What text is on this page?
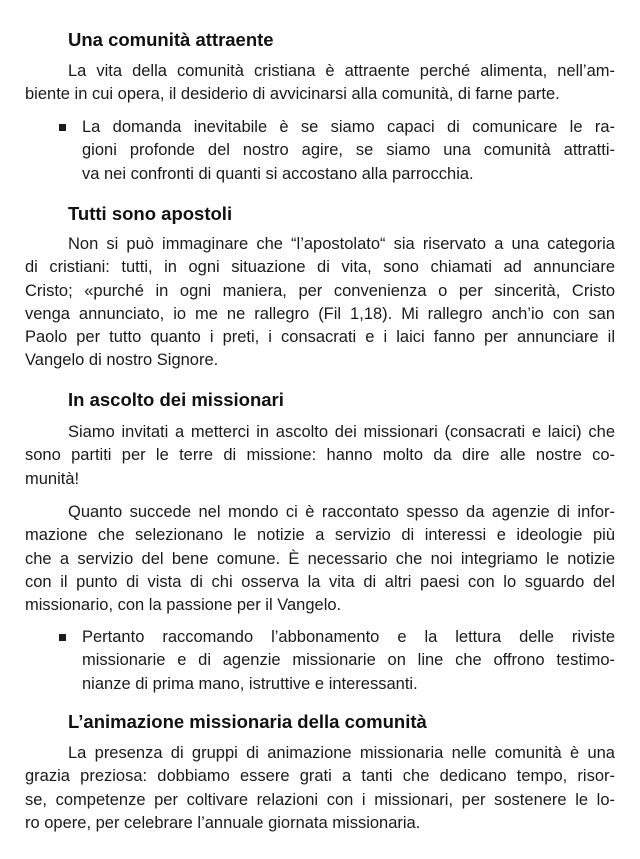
Una comunità attraente
La vita della comunità cristiana è attraente perché alimenta, nell’am-
biente in cui opera, il desiderio di avvicinarsi alla comunità, di farne parte.
La domanda inevitabile è se siamo capaci di comunicare le ra-
gioni profonde del nostro agire, se siamo una comunità attratti-
va nei confronti di quanti si accostano alla parrocchia.
Tutti sono apostoli
Non si può immaginare che “l’apostolato“ sia riservato a una categoria
di cristiani: tutti, in ogni situazione di vita, sono chiamati ad annunciare
Cristo; «purché in ogni maniera, per convenienza o per sincerità, Cristo
venga annunciato, io me ne rallegro (Fil 1,18). Mi rallegro anch’io con san
Paolo per tutto quanto i preti, i consacrati e i laici fanno per annunciare il
Vangelo di nostro Signore.
In ascolto dei missionari
Siamo invitati a metterci in ascolto dei missionari (consacrati e laici) che
sono partiti per le terre di missione: hanno molto da dire alle nostre co-
munità!
Quanto succede nel mondo ci è raccontato spesso da agenzie di infor-
mazione che selezionano le notizie a servizio di interessi e ideologie più
che a servizio del bene comune. È necessario che noi integriamo le notizie
con il punto di vista di chi osserva la vita di altri paesi con lo sguardo del
missionario, con la passione per il Vangelo.
Pertanto raccomando l’abbonamento e la lettura delle riviste
missionarie e di agenzie missionarie on line che offrono testimo-
nianze di prima mano, istruttive e interessanti.
L’animazione missionaria della comunità
La presenza di gruppi di animazione missionaria nelle comunità è una
grazia preziosa: dobbiamo essere grati a tanti che dedicano tempo, risor-
se, competenze per coltivare relazioni con i missionari, per sostenere le lo-
ro opere, per celebrare l’annuale giornata missionaria.
